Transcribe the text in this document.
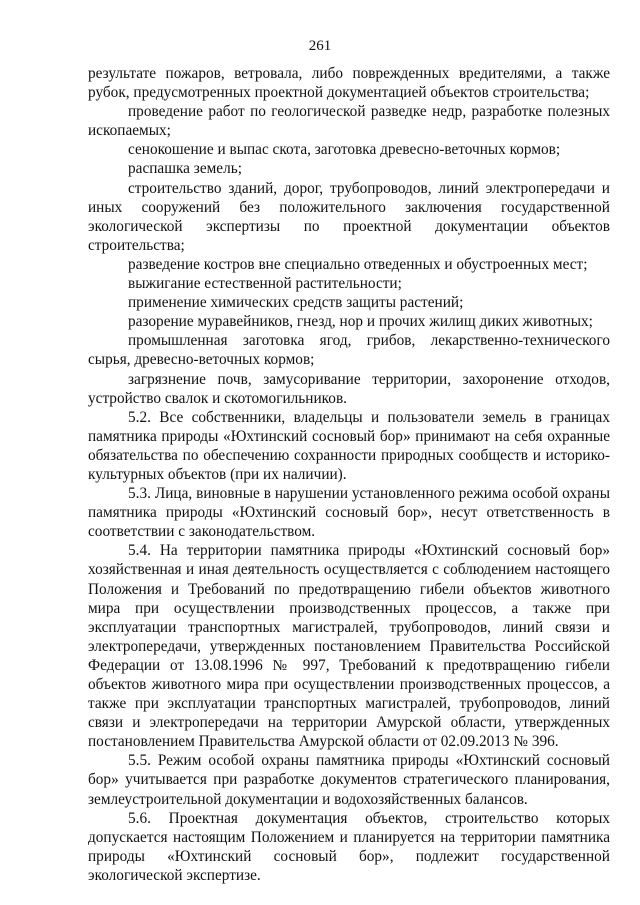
261

результате пожаров, ветровала, либо поврежденных вредителями, а также рубок, предусмотренных проектной документацией объектов строительства;

проведение работ по геологической разведке недр, разработке полезных ископаемых;

сенокошение и выпас скота, заготовка древесно-веточных кормов;

распашка земель;

строительство зданий, дорог, трубопроводов, линий электропередачи и иных сооружений без положительного заключения государственной экологической экспертизы по проектной документации объектов строительства;

разведение костров вне специально отведенных и обустроенных мест;

выжигание естественной растительности;

применение химических средств защиты растений;

разорение муравейников, гнезд, нор и прочих жилищ диких животных;

промышленная заготовка ягод, грибов, лекарственно-технического сырья, древесно-веточных кормов;

загрязнение почв, замусоривание территории, захоронение отходов, устройство свалок и скотомогильников.

5.2. Все собственники, владельцы и пользователи земель в границах памятника природы «Юхтинский сосновый бор» принимают на себя охранные обязательства по обеспечению сохранности природных сообществ и историко-культурных объектов (при их наличии).

5.3. Лица, виновные в нарушении установленного режима особой охраны памятника природы «Юхтинский сосновый бор», несут ответственность в соответствии с законодательством.

5.4. На территории памятника природы «Юхтинский сосновый бор» хозяйственная и иная деятельность осуществляется с соблюдением настоящего Положения и Требований по предотвращению гибели объектов животного мира при осуществлении производственных процессов, а также при эксплуатации транспортных магистралей, трубопроводов, линий связи и электропередачи, утвержденных постановлением Правительства Российской Федерации от 13.08.1996 № 997, Требований к предотвращению гибели объектов животного мира при осуществлении производственных процессов, а также при эксплуатации транспортных магистралей, трубопроводов, линий связи и электропередачи на территории Амурской области, утвержденных постановлением Правительства Амурской области от 02.09.2013 № 396.

5.5. Режим особой охраны памятника природы «Юхтинский сосновый бор» учитывается при разработке документов стратегического планирования, землеустроительной документации и водохозяйственных балансов.

5.6. Проектная документация объектов, строительство которых допускается настоящим Положением и планируется на территории памятника природы «Юхтинский сосновый бор», подлежит государственной экологической экспертизе.
